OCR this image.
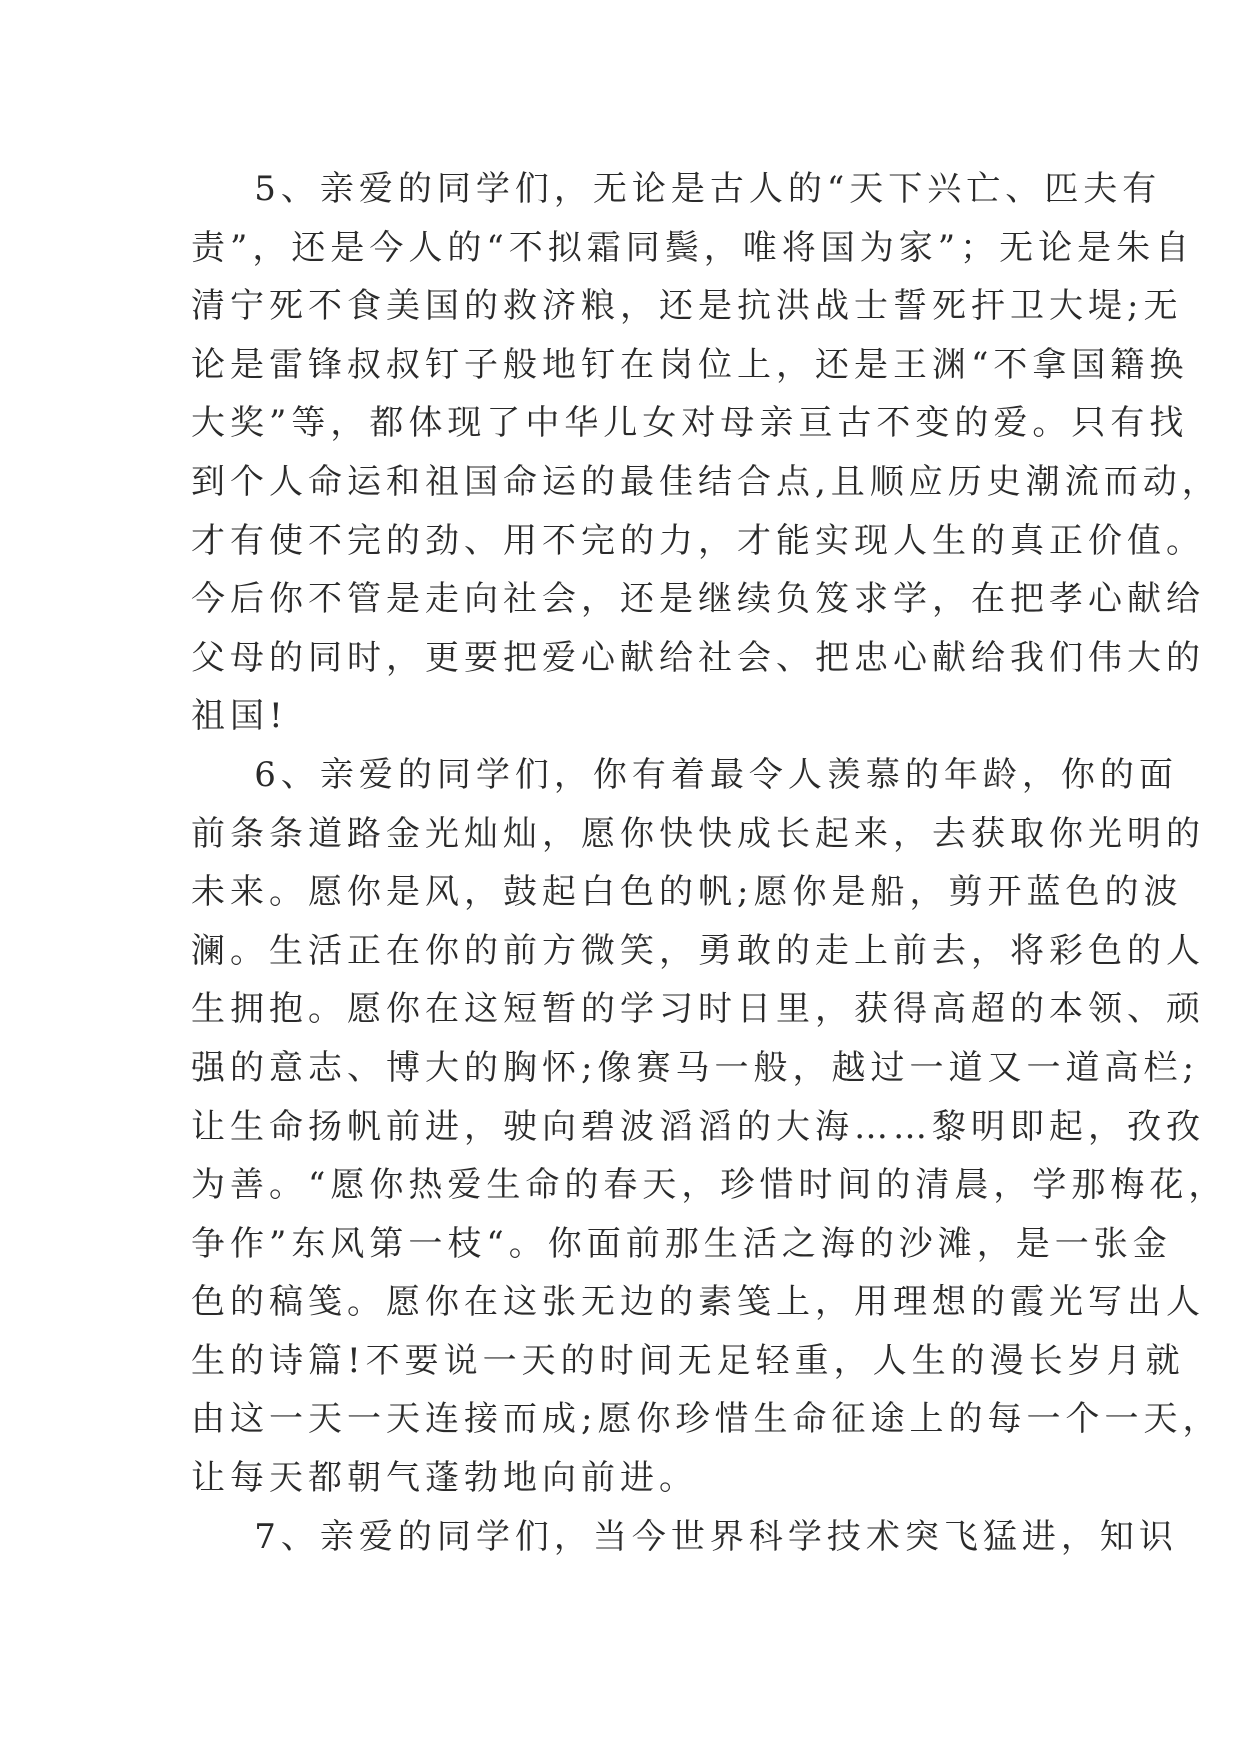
5、亲爱的同学们，无论是古人的“天下兴亡、匹夫有
责”，还是今人的“不拟霜同鬓，唯将国为家”；无论是朱自
清宁死不食美国的救济粮，还是抗洪战士誓死扞卫大堤;无
论是雷锋叔叔钉子般地钉在岗位上，还是王渊“不拿国籍换
大奖”等，都体现了中华儿女对母亲亘古不变的爱。只有找
到个人命运和祖国命运的最佳结合点,且顺应历史潮流而动，
才有使不完的劲、用不完的力，才能实现人生的真正价值。
今后你不管是走向社会，还是继续负笈求学，在把孝心献给
父母的同时，更要把爱心献给社会、把忠心献给我们伟大的
祖国!

6、亲爱的同学们，你有着最令人羡慕的年龄，你的面
前条条道路金光灿灿，愿你快快成长起来，去获取你光明的
未来。愿你是风，鼓起白色的帆;愿你是船，剪开蓝色的波
澜。生活正在你的前方微笑，勇敢的走上前去，将彩色的人
生拥抱。愿你在这短暂的学习时日里，获得高超的本领、顽
强的意志、博大的胸怀;像赛马一般，越过一道又一道高栏;
让生命扬帆前进，驶向碧波滔滔的大海……黎明即起，孜孜
为善。“愿你热爱生命的春天，珍惜时间的清晨，学那梅花，
争作”东风第一枝“。你面前那生活之海的沙滩，是一张金
色的稿笺。愿你在这张无边的素笺上，用理想的霞光写出人
生的诗篇!不要说一天的时间无足轻重，人生的漫长岁月就
由这一天一天连接而成;愿你珍惜生命征途上的每一个一天，
让每天都朝气蓬勃地向前进。

7、亲爱的同学们，当今世界科学技术突飞猛进，知识
